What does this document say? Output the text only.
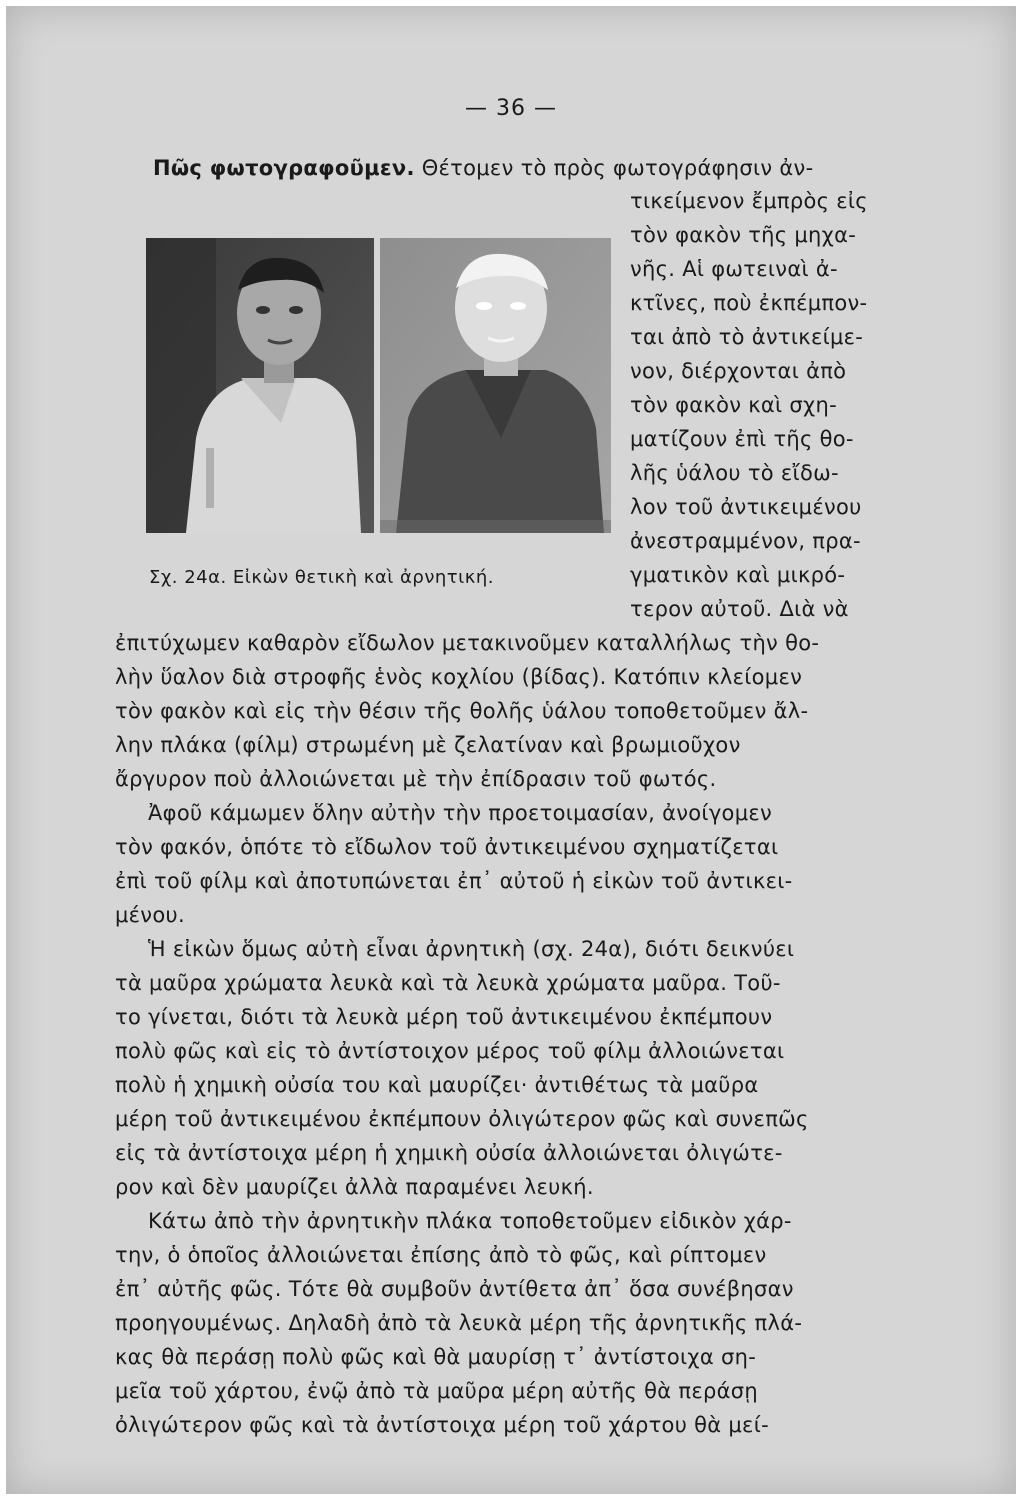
— 36 —
Σχ. 24α. Εἰκὼν θετικὴ καὶ ἀρνητική.
Πῶς φωτογραφοῦμεν. Θέτομεν τὸ πρὸς φωτογράφησιν ἀν-
τικείμενον ἔμπρὸς εἰς
τὸν φακὸν τῆς μηχα-
νῆς. Αἱ φωτειναὶ ἀ-
κτῖνες, ποὺ ἐκπέμπον-
ται ἀπὸ τὸ ἀντικείμε-
νον, διέρχονται ἀπὸ
τὸν φακὸν καὶ σχη-
ματίζουν ἐπὶ τῆς θο-
λῆς ὑάλου τὸ εἴδω-
λον τοῦ ἀντικειμένου
ἀνεστραμμένον, πρα-
γματικὸν καὶ μικρό-
τερον αὐτοῦ. Διὰ νὰ
ἐπιτύχωμεν καθαρὸν εἴδωλον μετακινοῦμεν καταλλήλως τὴν θο-
λὴν ὕαλον διὰ στροφῆς ἑνὸς κοχλίου (βίδας). Κατόπιν κλείομεν
τὸν φακὸν καὶ εἰς τὴν θέσιν τῆς θολῆς ὑάλου τοποθετοῦμεν ἄλ-
λην πλάκα (φίλμ) στρωμένη μὲ ζελατίναν καὶ βρωμιοῦχον
ἄργυρον ποὺ ἀλλοιώνεται μὲ τὴν ἐπίδρασιν τοῦ φωτός.
Ἀφοῦ κάμωμεν ὅλην αὐτὴν τὴν προετοιμασίαν, ἀνοίγομεν
τὸν φακόν, ὁπότε τὸ εἴδωλον τοῦ ἀντικειμένου σχηματίζεται
ἐπὶ τοῦ φίλμ καὶ ἀποτυπώνεται ἐπ᾽ αὐτοῦ ἡ εἰκὼν τοῦ ἀντικει-
μένου.
Ἡ εἰκὼν ὅμως αὐτὴ εἶναι ἀρνητικὴ (σχ. 24α), διότι δεικνύει
τὰ μαῦρα χρώματα λευκὰ καὶ τὰ λευκὰ χρώματα μαῦρα. Τοῦ-
το γίνεται, διότι τὰ λευκὰ μέρη τοῦ ἀντικειμένου ἐκπέμπουν
πολὺ φῶς καὶ εἰς τὸ ἀντίστοιχον μέρος τοῦ φίλμ ἀλλοιώνεται
πολὺ ἡ χημικὴ οὐσία του καὶ μαυρίζει· ἀντιθέτως τὰ μαῦρα
μέρη τοῦ ἀντικειμένου ἐκπέμπουν ὀλιγώτερον φῶς καὶ συνεπῶς
εἰς τὰ ἀντίστοιχα μέρη ἡ χημικὴ οὐσία ἀλλοιώνεται ὀλιγώτε-
ρον καὶ δὲν μαυρίζει ἀλλὰ παραμένει λευκή.
Κάτω ἀπὸ τὴν ἀρνητικὴν πλάκα τοποθετοῦμεν εἰδικὸν χάρ-
την, ὁ ὁποῖος ἀλλοιώνεται ἐπίσης ἀπὸ τὸ φῶς, καὶ ρίπτομεν
ἐπ᾽ αὐτῆς φῶς. Τότε θὰ συμβοῦν ἀντίθετα ἀπ᾽ ὅσα συνέβησαν
προηγουμένως. Δηλαδὴ ἀπὸ τὰ λευκὰ μέρη τῆς ἀρνητικῆς πλά-
κας θὰ περάσῃ πολὺ φῶς καὶ θὰ μαυρίσῃ τ᾽ ἀντίστοιχα ση-
μεῖα τοῦ χάρτου, ἐνῷ ἀπὸ τὰ μαῦρα μέρη αὐτῆς θὰ περάσῃ
ὀλιγώτερον φῶς καὶ τὰ ἀντίστοιχα μέρη τοῦ χάρτου θὰ μεί-
